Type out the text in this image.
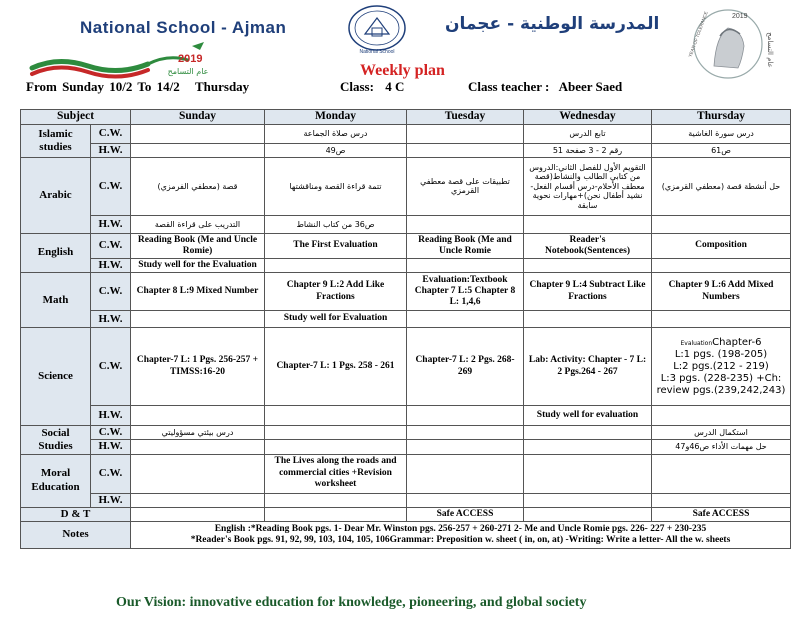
National School - Ajman
National School
المدرسة الوطنية - عجمان	2019
YEAR OF TOLERANCE	عام التسامح
2019
عام التسامح	Weekly plan
From Sunday 10/2 To 14/2 Thursday	Class: 4 C	Class teacher : Abeer Saed
Subject		Sunday	Monday	Tuesday	Wednesday	Thursday
Islamic studies	C.W.		درس صلاة الجماعة		تابع الدرس	درس سورة الغاشية
	H.W.		ص49		رقم 2 - 3 صفحة 51	ص61
Arabic	C.W.	قصة (معطفي الفرمزي)	تتمة قراءة القصة ومناقشتها	تطبيقات على قصة معطفي القرمزي	التقويم الأول للفصل الثاني:الدروس من كتابي الطالب والنشاط(قصة معطف الأحلام-درس أقسام الفعل-نشيد أطفال نحن)+مهارات نحوية سابقة	حل أنشطة قصة (معطفي القرمزي)
	H.W.	التدريب على قراءة القصة	ص36 من كتاب النشاط			
English	C.W.	Reading Book (Me and Uncle Romie)	The First Evaluation	Reading Book (Me and Uncle Romie	Reader's Notebook(Sentences)	Composition
	H.W.	Study well for the Evaluation				
Math	C.W.	Chapter 8 L:9 Mixed Number	Chapter 9 L:2 Add Like Fractions	Evaluation:Textbook Chapter 7 L:5 Chapter 8 L: 1,4,6	Chapter 9 L:4 Subtract Like Fractions	Chapter 9 L:6 Add Mixed Numbers
	H.W.		Study well for Evaluation			
Science	C.W.	Chapter-7 L: 1 Pgs. 256-257 + TIMSS:16-20	Chapter-7 L: 1 Pgs. 258 - 261	Chapter-7 L: 2 Pgs. 268-269	Lab: Activity: Chapter - 7 L: 2 Pgs.264 - 267	EvaluationChapter-6
L:1 pgs. (198-205)
L:2 pgs.(212 - 219)
L:3 pgs. (228-235) +Ch: review pgs.(239,242,243)
	H.W.				Study well for evaluation	
Social Studies	C.W.	درس بيئتي مسؤوليتي				استكمال الدرس
	H.W.					حل مهمات الأداء ص46و47
Moral Education	C.W.		The Lives along the roads and commercial cities +Revision worksheet			
	H.W.					
D & T				Safe ACCESS		Safe ACCESS
Notes		English :*Reading Book pgs. 1- Dear Mr. Winston pgs. 256-257 + 260-271 2- Me and Uncle Romie pgs. 226- 227 + 230-235
*Reader's Book pgs. 91, 92, 99, 103, 104, 105, 106Grammar: Preposition w. sheet ( in, on, at) -Writing: Write a letter- All the w. sheets				
Our Vision: innovative education for knowledge, pioneering, and global society
